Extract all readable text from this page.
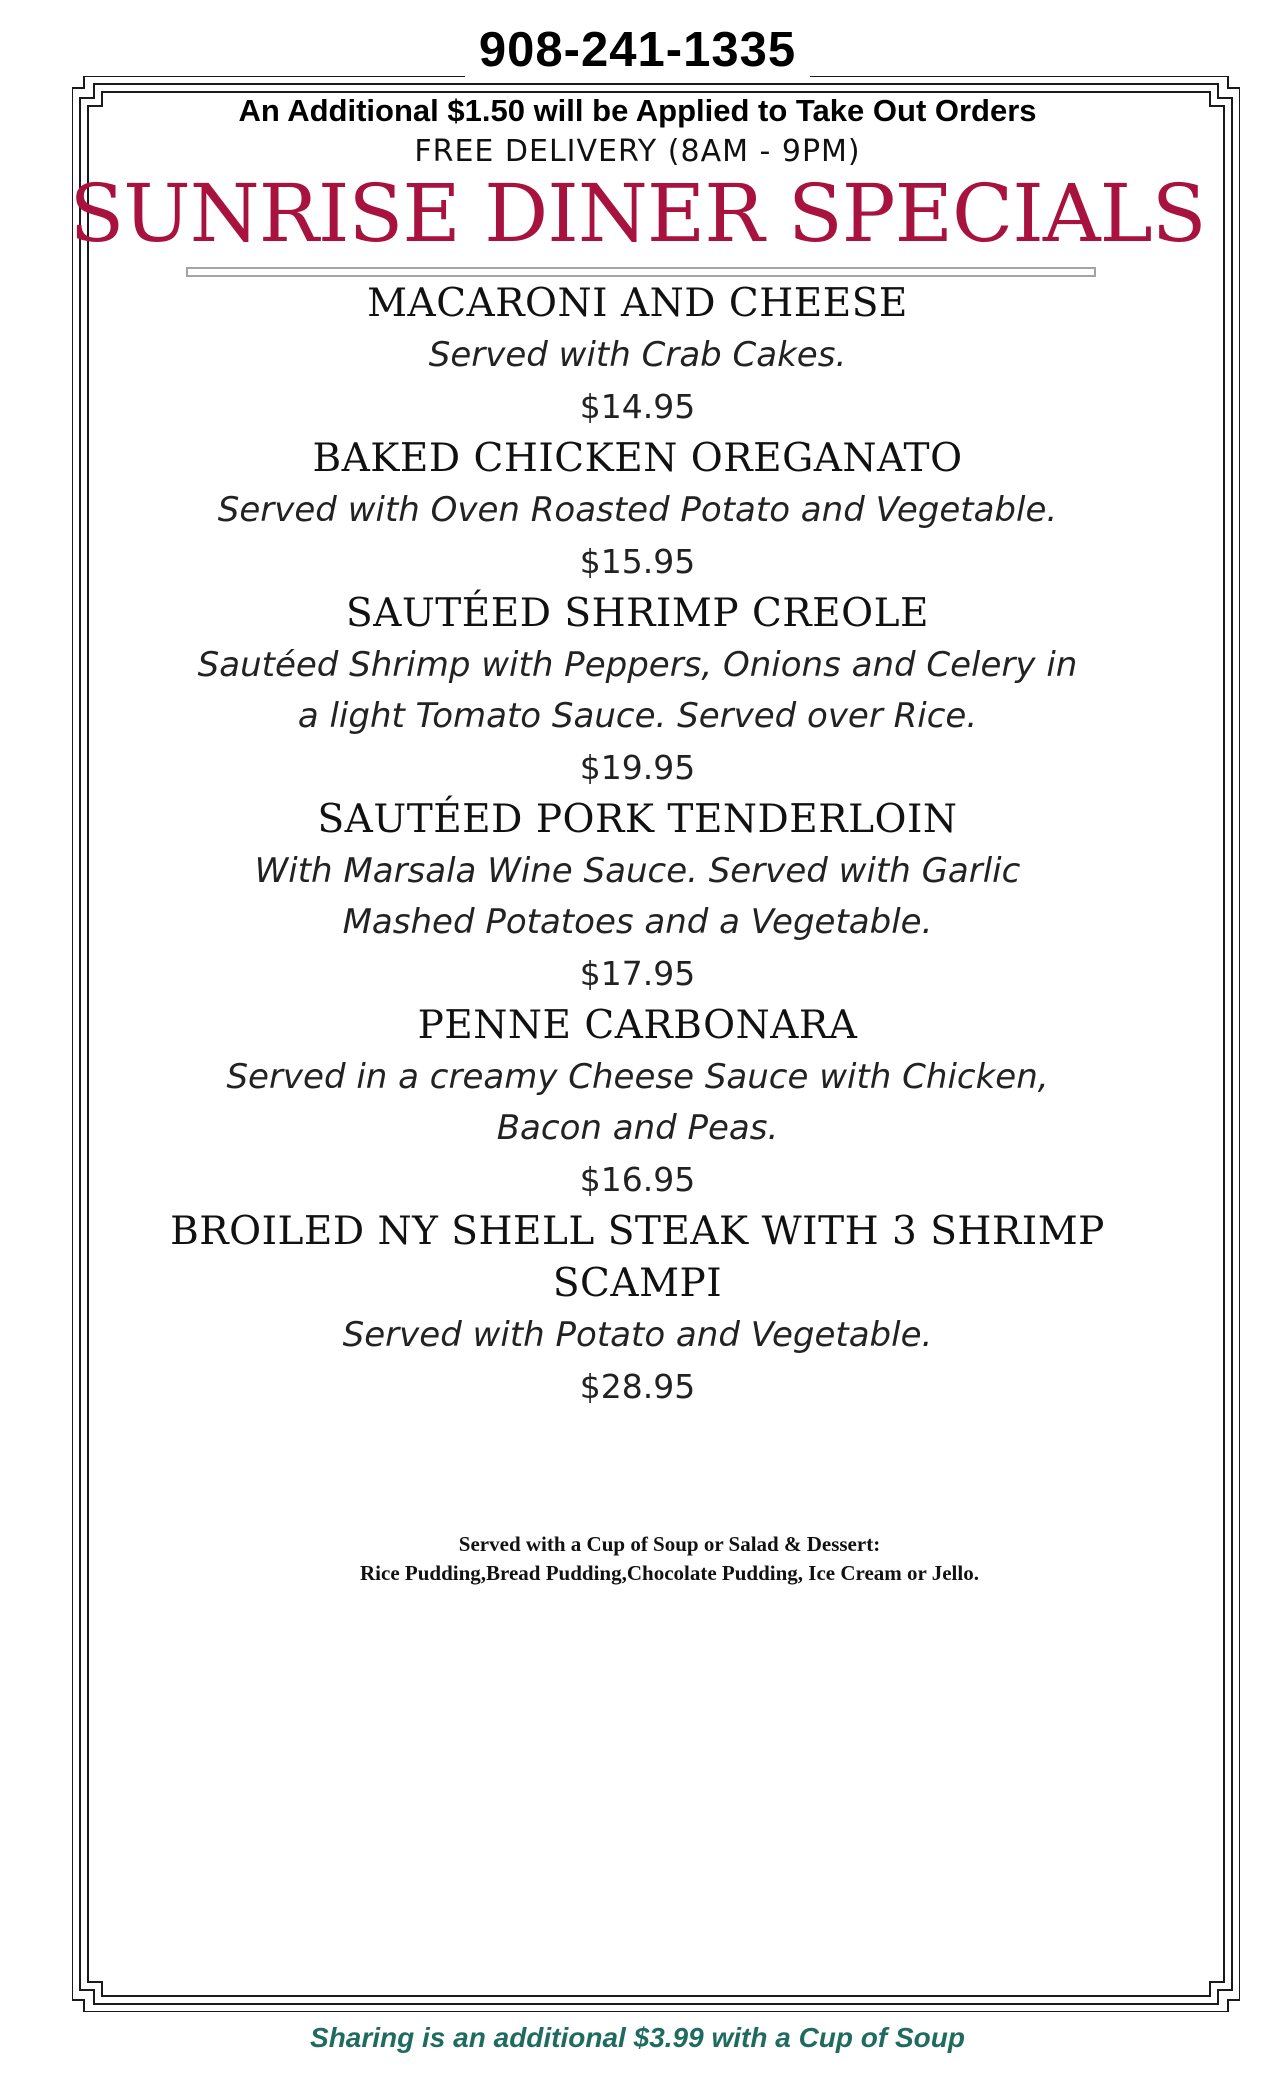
908-241-1335
An Additional $1.50 will be Applied to Take Out Orders
FREE DELIVERY (8AM - 9PM)
SUNRISE DINER SPECIALS
MACARONI AND CHEESE
Served with Crab Cakes.
$14.95
BAKED CHICKEN OREGANATO
Served with Oven Roasted Potato and Vegetable.
$15.95
SAUTÉED SHRIMP CREOLE
Sautéed Shrimp with Peppers, Onions and Celery in
a light Tomato Sauce. Served over Rice.
$19.95
SAUTÉED PORK TENDERLOIN
With Marsala Wine Sauce. Served with Garlic
Mashed Potatoes and a Vegetable.
$17.95
PENNE CARBONARA
Served in a creamy Cheese Sauce with Chicken,
Bacon and Peas.
$16.95
BROILED NY SHELL STEAK WITH 3 SHRIMP
SCAMPI
Served with Potato and Vegetable.
$28.95
Served with a Cup of Soup or Salad & Dessert:
Rice Pudding,Bread Pudding,Chocolate Pudding, Ice Cream or Jello.
Sharing is an additional $3.99 with a Cup of Soup
